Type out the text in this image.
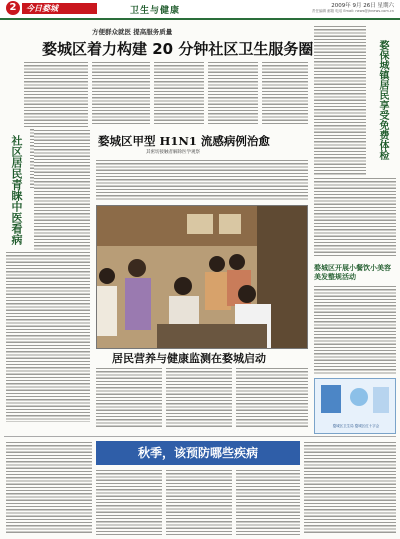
2	今日婺城	卫生与健康	2009年 9月 26日 星期六
责任编辑 邮箱 电话 Email: news@jhnews.com.cn
方便群众就医 提高服务质量
婺城区着力构建 20 分钟社区卫生服务圈
社区居民青睐中医看病	婺城区甲型 H1N1 流感病例治愈
其密切接触者解除医学观察
居民营养与健康监测在婺城启动
婺保城镇居民享受免费体检
婺城区开展小餐饮小美容美发整规活动
婺城区卫生局 婺城区红十字会
秋季，该预防哪些疾病
